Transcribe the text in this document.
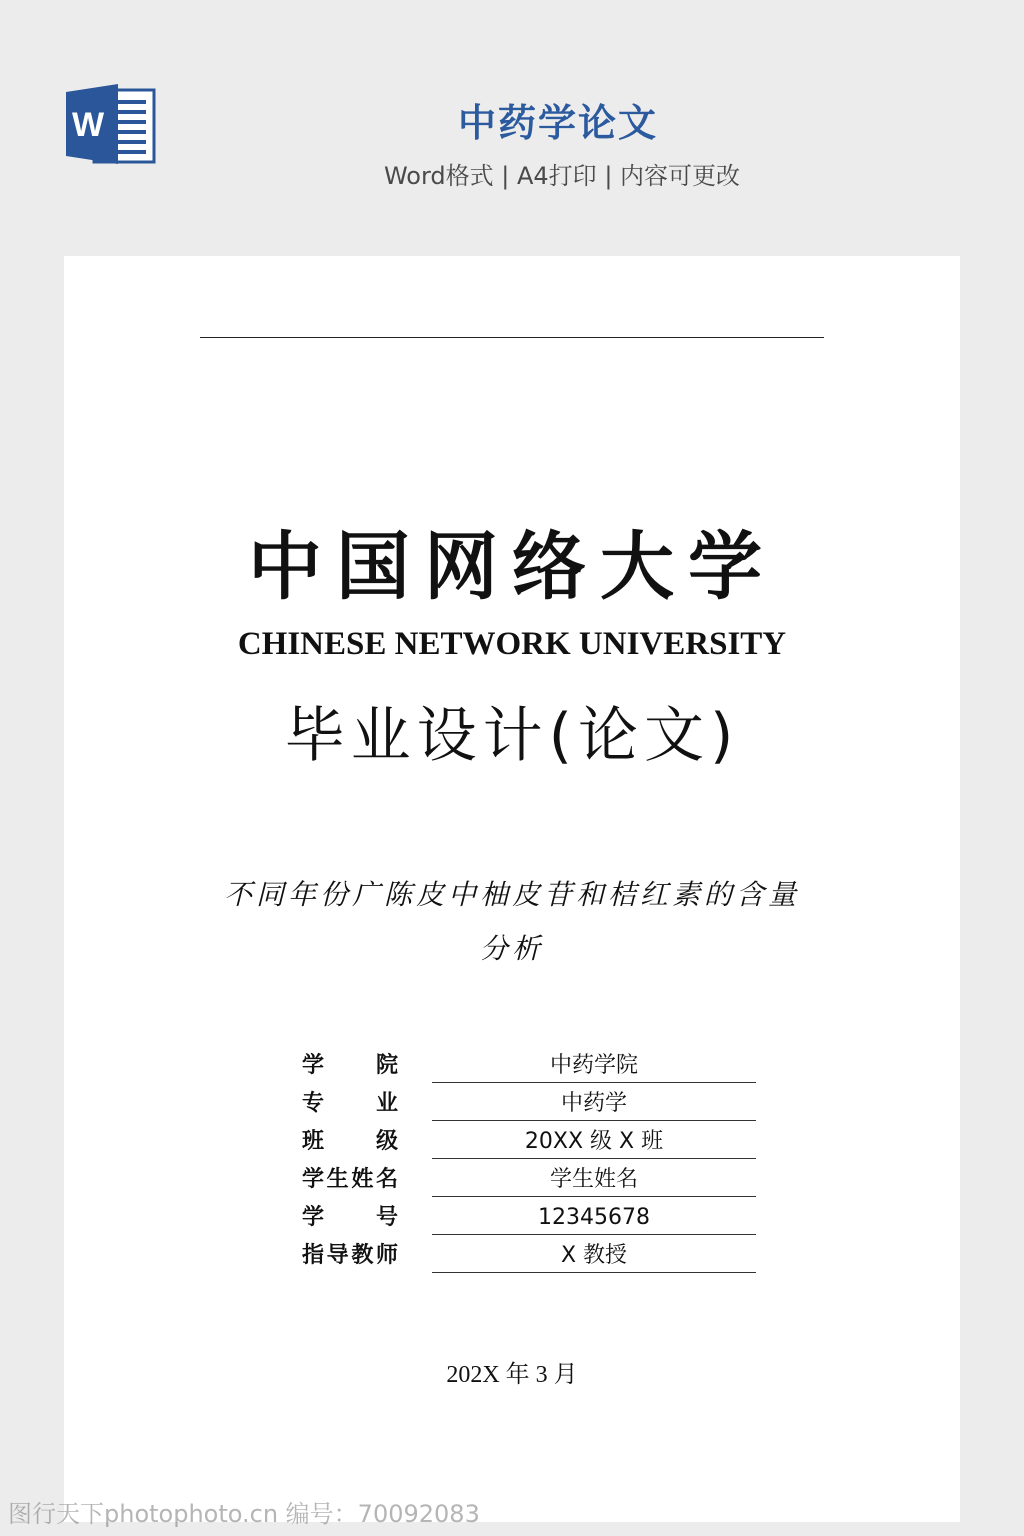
W	中药学论文
Word格式 | A4打印 | 内容可更改
中国网络大学
CHINESE NETWORK UNIVERSITY
毕业设计(论文)
不同年份广陈皮中柚皮苷和桔红素的含量分析
学 院	中药学院
专 业	中药学
班 级	20XX 级 X 班
学 生 姓 名	学生姓名
学 号	12345678
指 导 教 师	X 教授
202X 年 3 月
图行天下photophoto.cn 编号：70092083
